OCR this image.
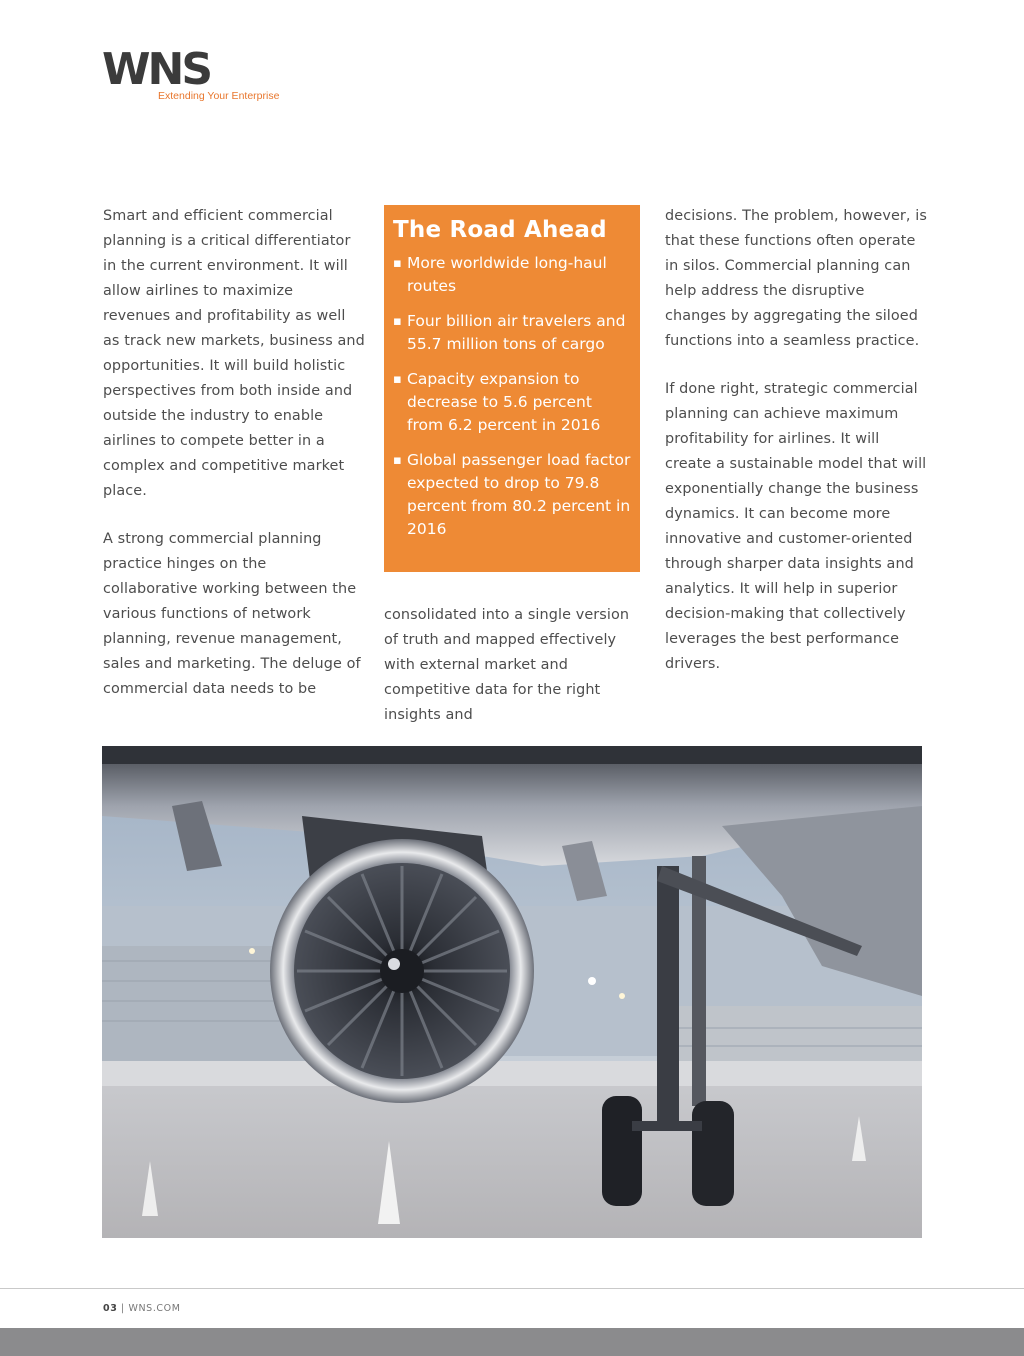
WNS
Extending Your Enterprise

Smart and efficient commercial planning is a critical differentiator in the current environment. It will allow airlines to maximize revenues and profitability as well as track new markets, business and opportunities. It will build holistic perspectives from both inside and outside the industry to enable airlines to compete better in a complex and competitive market place.

A strong commercial planning practice hinges on the collaborative working between the various functions of network planning, revenue management, sales and marketing. The deluge of commercial data needs to be

The Road Ahead
▪ More worldwide long-haul routes
▪ Four billion air travelers and 55.7 million tons of cargo
▪ Capacity expansion to decrease to 5.6 percent from 6.2 percent in 2016
▪ Global passenger load factor expected to drop to 79.8 percent from 80.2 percent in 2016

consolidated into a single version of truth and mapped effectively with external market and competitive data for the right insights and

decisions. The problem, however, is that these functions often operate in silos. Commercial planning can help address the disruptive changes by aggregating the siloed functions into a seamless practice.

If done right, strategic commercial planning can achieve maximum profitability for airlines. It will create a sustainable model that will exponentially change the business dynamics. It can become more innovative and customer-oriented through sharper data insights and analytics. It will help in superior decision-making that collectively leverages the best performance drivers.

03 | WNS.COM
